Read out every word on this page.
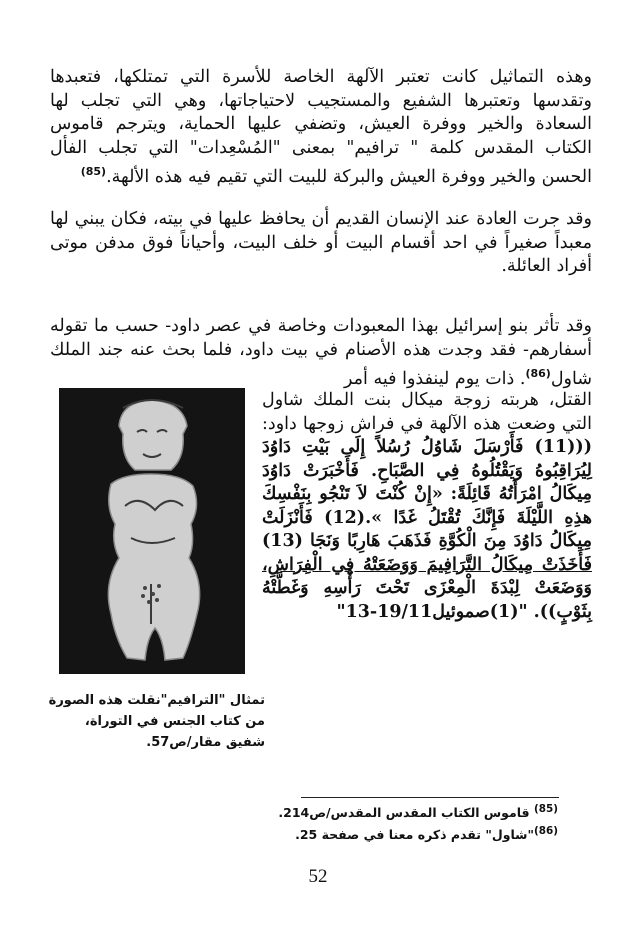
وهذه التماثيل كانت تعتبر الآلهة الخاصة للأسرة التي تمتلكها، فتعبدها وتقدسها وتعتبرها الشفيع والمستجيب لاحتياجاتها، وهي التي تجلب لها السعادة والخير ووفرة العيش، وتضفي عليها الحماية، ويترجم قاموس الكتاب المقدس كلمة " ترافيم" بمعنى "المُسْعِدات" التي تجلب الفأل الحسن والخير ووفرة العيش والبركة للبيت التي تقيم فيه هذه الألهة.$^{(85)}$

وقد جرت العادة عند الإنسان القديم أن يحافظ عليها في بيته، فكان يبني لها معبداً صغيراً في احد أقسام البيت أو خلف البيت، وأحياناً فوق مدفن موتى أفراد العائلة.

وقد تأثر بنو إسرائيل بهذا المعبودات وخاصة في عصر داود- حسب ما تقوله أسفارهم- فقد وجدت هذه الأصنام في بيت داود، فلما بحث عنه جند الملك شاول$^{(86)}$. ذات يوم لينفذوا فيه أمر

القتل، هربته زوجة ميكال بنت الملك شاول التي وضعت هذه الآلهة في فراش زوجها داود: (((11) فَأَرْسَلَ شَاوُلُ رُسُلاً إِلَى بَيْتِ دَاوُدَ لِيُرَاقِبُوهُ وَيَقْتُلُوهُ فِي الصَّبَاحِ. فَأَخْبَرَتْ دَاوُدَ مِيكَالُ امْرَأَتُهُ قَائِلَةً: «إِنْ كُنْتَ لاَ تَنْجُو بِنَفْسِكَ هذِهِ اللَّيْلَةَ فَإِنَّكَ تُقْتَلُ غَدًا ».(12) فَأَنْزَلَتْ مِيكَالُ دَاوُدَ مِنَ الْكُوَّةِ فَذَهَبَ هَارِبًا وَنَجَا (13) فَأَخَذَتْ مِيكَالُ التَّرَافِيمَ وَوَضَعَتْهُ فِي الْفِرَاشِ، وَوَضَعَتْ لِبْدَةَ الْمِعْزَى تَحْتَ رَأْسِهِ وَغَطَّتْهُ بِثَوْبٍ)). "(1)صموئيل19/11-13"

تمثال "الترافيم"نقلت هذه الصورة من كتاب الجنس في التوراة، شفيق مقار/ص57.

$^{(85)}$ قاموس الكتاب المقدس المقدس/ص214.

$^{(86)}$"شاول" تقدم ذكره معنا في صفحة 25.

52
